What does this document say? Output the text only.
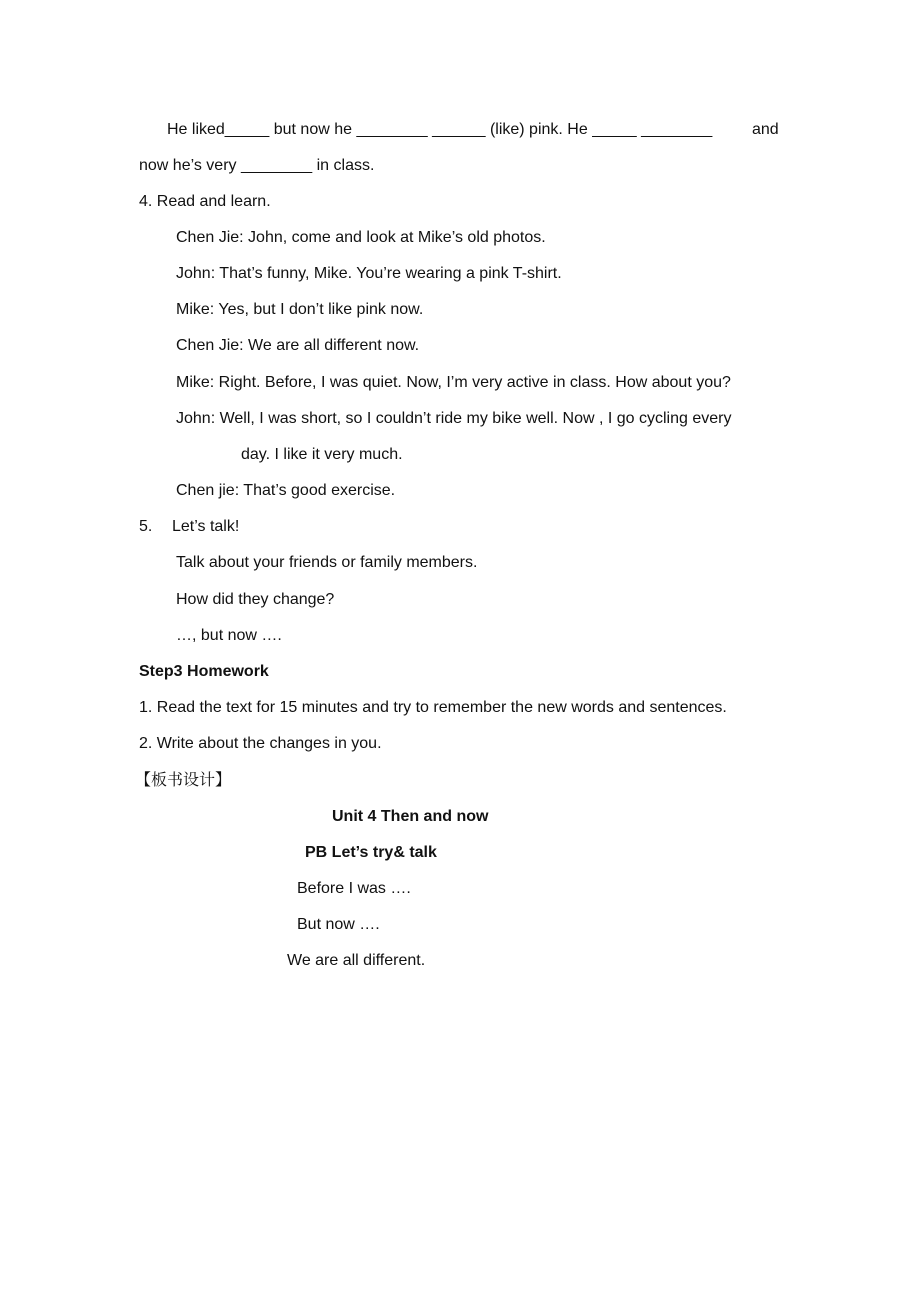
He liked_____ but now he ________ ______ (like) pink. He _____ ________ and
now he’s very ________ in class.
4. Read and learn.
Chen Jie: John, come and look at Mike’s old photos.
John: That’s funny, Mike. You’re wearing a pink T-shirt.
Mike: Yes, but I don’t like pink now.
Chen Jie: We are all different now.
Mike: Right. Before, I was quiet. Now, I’m very active in class. How about you?
John: Well, I was short, so I couldn’t ride my bike well. Now , I go cycling every
day. I like it very much.
Chen jie: That’s good exercise.
5. Let’s talk!
Talk about your friends or family members.
How did they change?
…, but now ….
Step3 Homework
1. Read the text for 15 minutes and try to remember the new words and sentences.
2. Write about the changes in you.
【板书设计】
Unit 4 Then and now
PB Let’s try& talk
Before I was ….
But now ….
We are all different.
